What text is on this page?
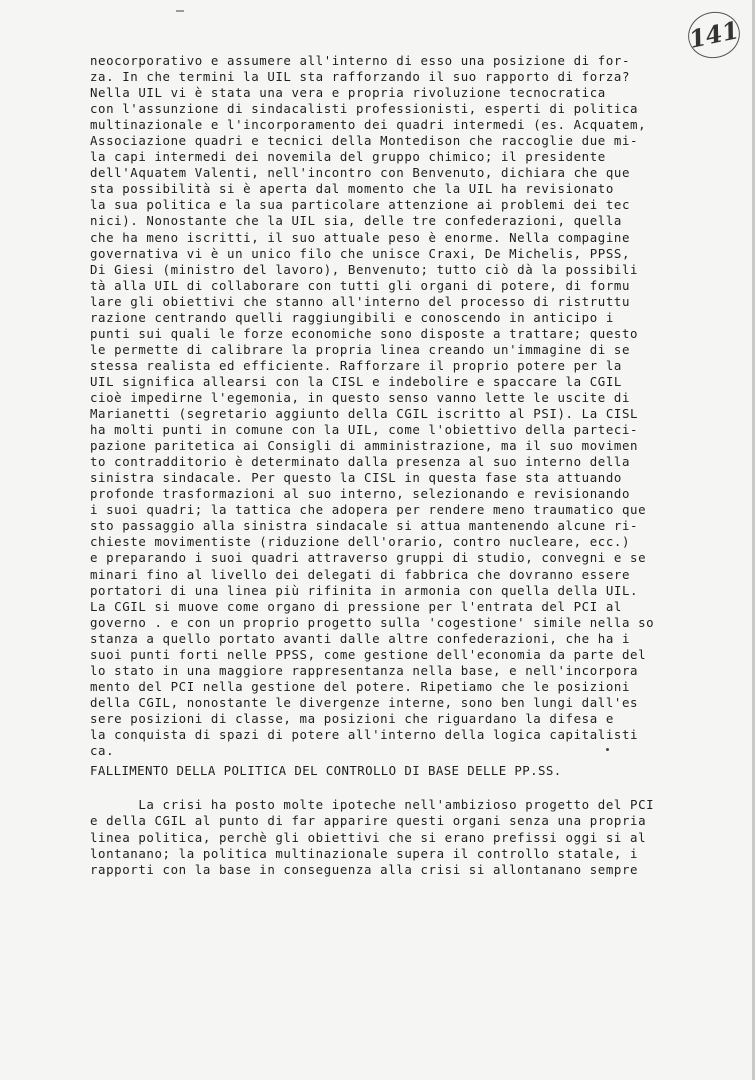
141
neocorporativo e assumere all'interno di esso una posizione di for-
za. In che termini la UIL sta rafforzando il suo rapporto di forza?
Nella UIL vi è stata una vera e propria rivoluzione tecnocratica
con l'assunzione di sindacalisti professionisti, esperti di politica
multinazionale e l'incorporamento dei quadri intermedi (es. Acquatem,
Associazione quadri e tecnici della Montedison che raccoglie due mi-
la capi intermedi dei novemila del gruppo chimico; il presidente
dell'Aquatem Valenti, nell'incontro con Benvenuto, dichiara che que
sta possibilità si è aperta dal momento che la UIL ha revisionato
la sua politica e la sua particolare attenzione ai problemi dei tec
nici). Nonostante che la UIL sia, delle tre confederazioni, quella
che ha meno iscritti, il suo attuale peso è enorme. Nella compagine
governativa vi è un unico filo che unisce Craxi, De Michelis, PPSS,
Di Giesi (ministro del lavoro), Benvenuto; tutto ciò dà la possibili
tà alla UIL di collaborare con tutti gli organi di potere, di formu
lare gli obiettivi che stanno all'interno del processo di ristruttu
razione centrando quelli raggiungibili e conoscendo in anticipo i
punti sui quali le forze economiche sono disposte a trattare; questo
le permette di calibrare la propria linea creando un'immagine di se
stessa realista ed efficiente. Rafforzare il proprio potere per la
UIL significa allearsi con la CISL e indebolire e spaccare la CGIL
cioè impedirne l'egemonia, in questo senso vanno lette le uscite di
Marianetti (segretario aggiunto della CGIL iscritto al PSI). La CISL
ha molti punti in comune con la UIL, come l'obiettivo della parteci-
pazione paritetica ai Consigli di amministrazione, ma il suo movimen
to contradditorio è determinato dalla presenza al suo interno della
sinistra sindacale. Per questo la CISL in questa fase sta attuando
profonde trasformazioni al suo interno, selezionando e revisionando
i suoi quadri; la tattica che adopera per rendere meno traumatico que
sto passaggio alla sinistra sindacale si attua mantenendo alcune ri-
chieste movimentiste (riduzione dell'orario, contro nucleare, ecc.)
e preparando i suoi quadri attraverso gruppi di studio, convegni e se
minari fino al livello dei delegati di fabbrica che dovranno essere
portatori di una linea più rifinita in armonia con quella della UIL.
La CGIL si muove come organo di pressione per l'entrata del PCI al
governo . e con un proprio progetto sulla 'cogestione' simile nella so
stanza a quello portato avanti dalle altre confederazioni, che ha i
suoi punti forti nelle PPSS, come gestione dell'economia da parte del
lo stato in una maggiore rappresentanza nella base, e nell'incorpora
mento del PCI nella gestione del potere. Ripetiamo che le posizioni
della CGIL, nonostante le divergenze interne, sono ben lungi dall'es
sere posizioni di classe, ma posizioni che riguardano la difesa e
la conquista di spazi di potere all'interno della logica capitalisti
ca.
FALLIMENTO DELLA POLITICA DEL CONTROLLO DI BASE DELLE PP.SS.
La crisi ha posto molte ipoteche nell'ambizioso progetto del PCI
e della CGIL al punto di far apparire questi organi senza una propria
linea politica, perchè gli obiettivi che si erano prefissi oggi si al
lontanano; la politica multinazionale supera il controllo statale, i
rapporti con la base in conseguenza alla crisi si allontanano sempre
